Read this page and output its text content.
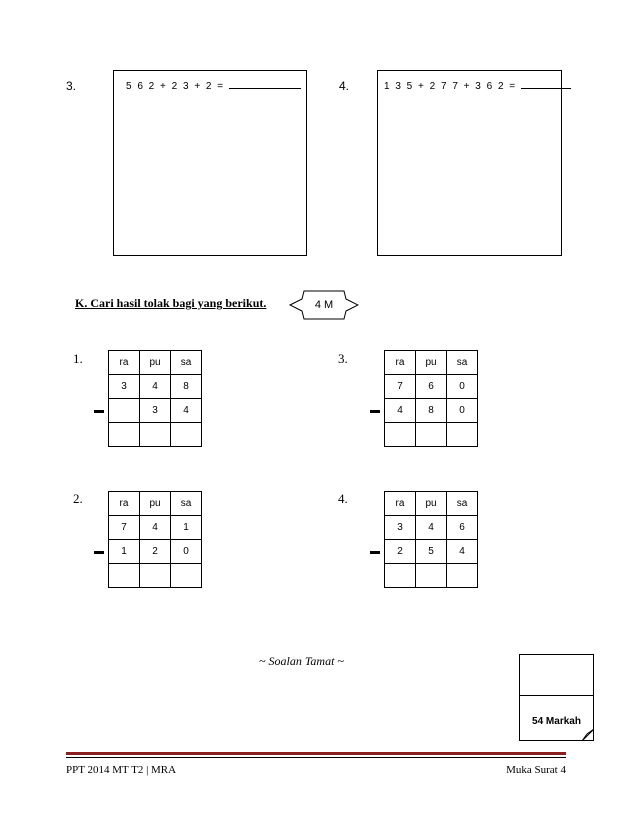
3.	5 6 2 + 2 3 + 2 =	4.	1 3 5 + 2 7 7 + 3 6 2 =
K. Cari hasil tolak bagi yang berikut.	4 M
1.	ra	pu	sa
3	4	8
	3	4

3.	ra	pu	sa
7	6	0
4	8	0

2.	ra	pu	sa
7	4	1
1	2	0

4.	ra	pu	sa
3	4	6
2	5	4

~ Soalan Tamat ~
54 Markah
PPT 2014 MT T2 | MRA	Muka Surat 4
